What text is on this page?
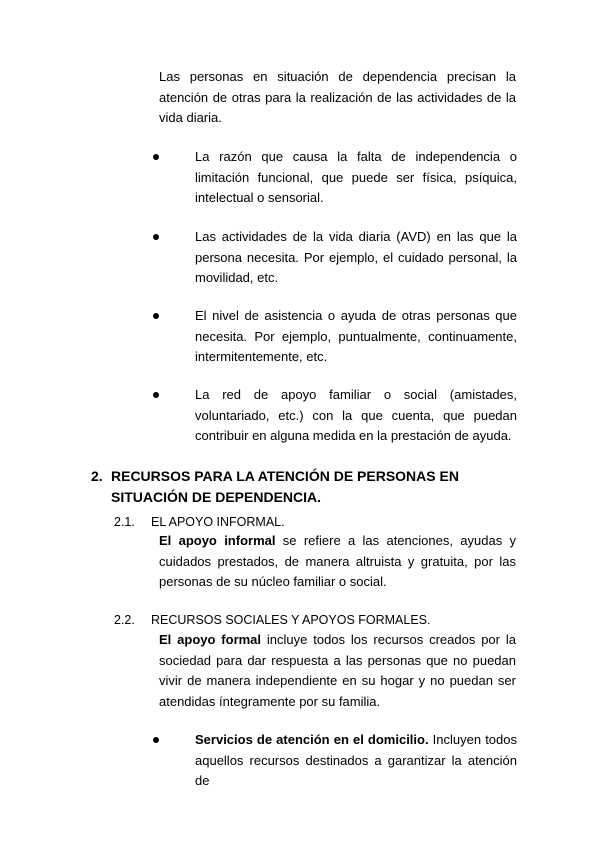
Las personas en situación de dependencia precisan la atención de otras para la realización de las actividades de la vida diaria.

La razón que causa la falta de independencia o limitación funcional, que puede ser física, psíquica, intelectual o sensorial.
Las actividades de la vida diaria (AVD) en las que la persona necesita. Por ejemplo, el cuidado personal, la movilidad, etc.
El nivel de asistencia o ayuda de otras personas que necesita. Por ejemplo, puntualmente, continuamente, intermitentemente, etc.
La red de apoyo familiar o social (amistades, voluntariado, etc.) con la que cuenta, que puedan contribuir en alguna medida en la prestación de ayuda.
2. RECURSOS PARA LA ATENCIÓN DE PERSONAS EN SITUACIÓN DE DEPENDENCIA.
2.1.	EL APOYO INFORMAL.

El apoyo informal se refiere a las atenciones, ayudas y cuidados prestados, de manera altruista y gratuita, por las personas de su núcleo familiar o social.

2.2.	RECURSOS SOCIALES Y APOYOS FORMALES.

El apoyo formal incluye todos los recursos creados por la sociedad para dar respuesta a las personas que no puedan vivir de manera independiente en su hogar y no puedan ser atendidas íntegramente por su familia.

Servicios de atención en el domicilio. Incluyen todos aquellos recursos destinados a garantizar la atención de
